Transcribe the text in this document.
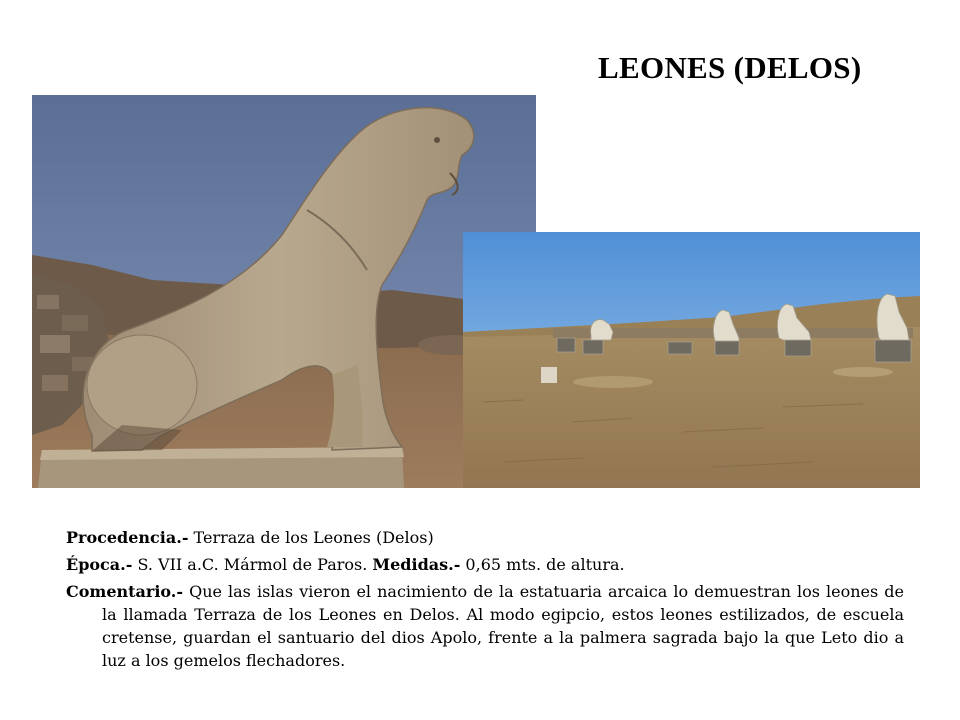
LEONES (DELOS)

Procedencia.- Terraza de los Leones (Delos)

Época.- S. VII a.C. Mármol de Paros. Medidas.- 0,65 mts. de altura.

Comentario.- Que las islas vieron el nacimiento de la estatuaria arcaica lo demuestran los leones de la llamada Terraza de los Leones en Delos. Al modo egipcio, estos leones estilizados, de escuela cretense, guardan el santuario del dios Apolo, frente a la palmera sagrada bajo la que Leto dio a luz a los gemelos flechadores.
